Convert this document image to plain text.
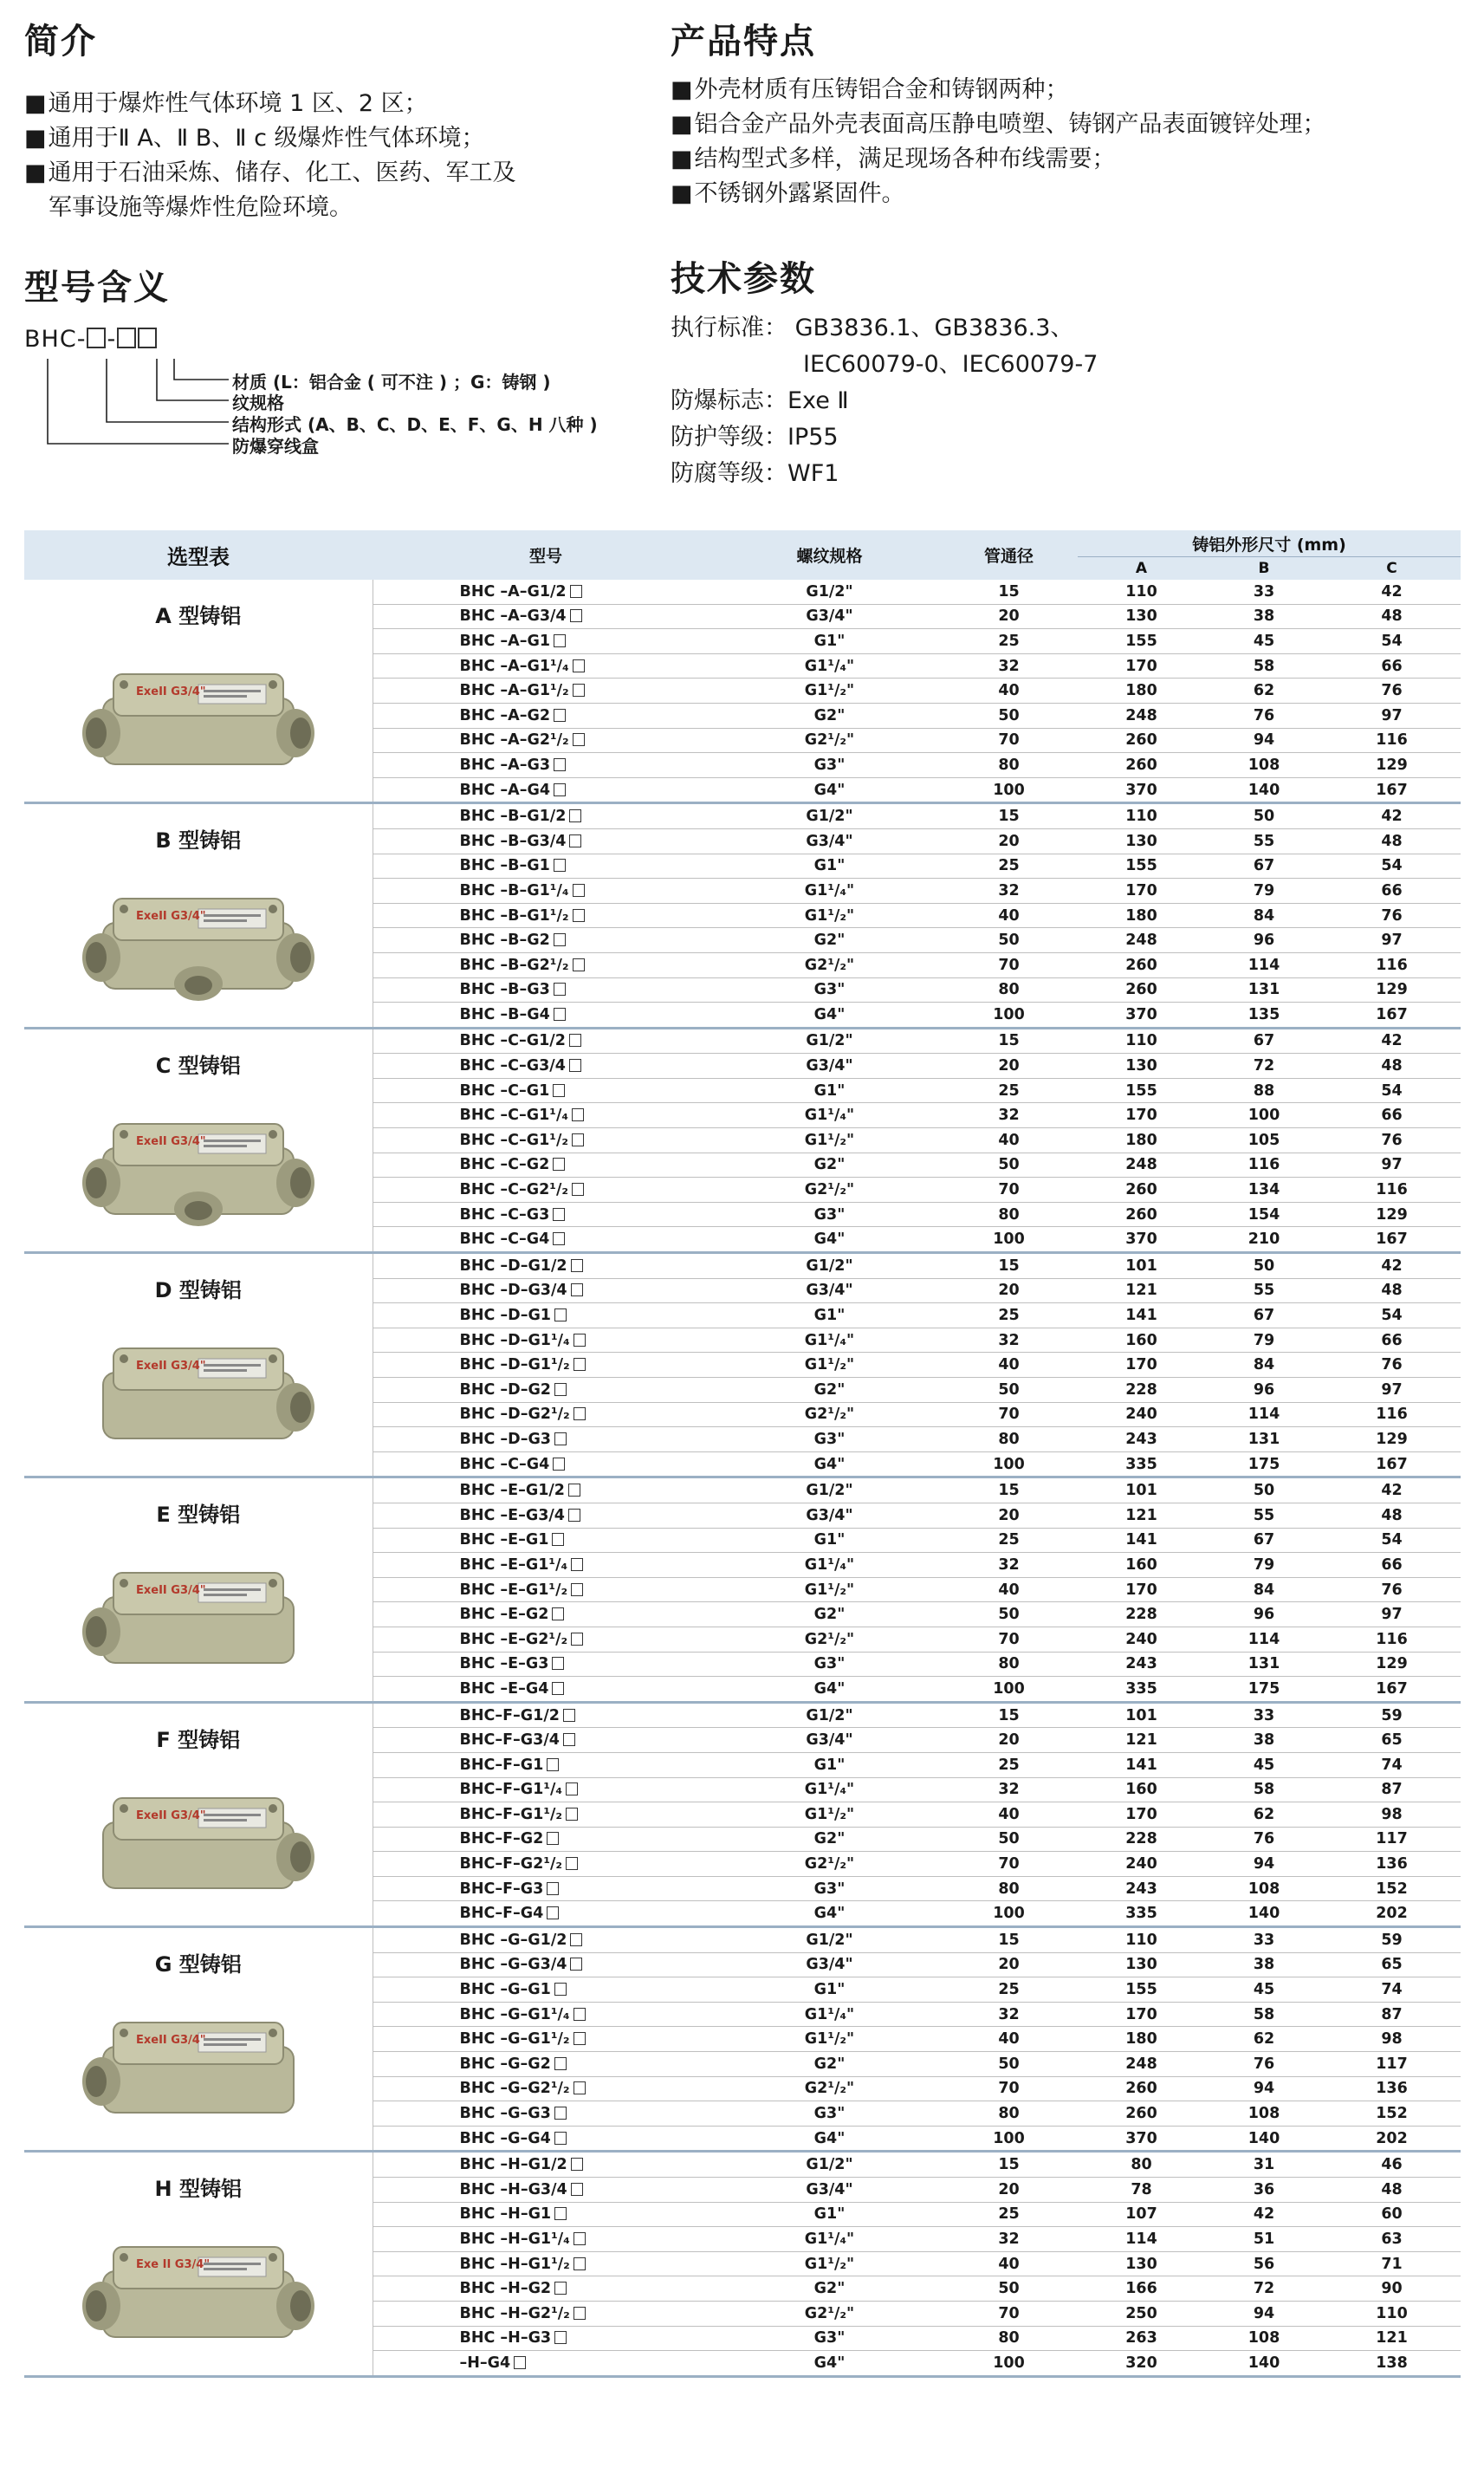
简介
■ 通用于爆炸性气体环境 1 区、2 区；
■ 通用于Ⅱ A、Ⅱ B、Ⅱ c 级爆炸性气体环境；
■ 通用于石油采炼、储存、化工、医药、军工及
军事设施等爆炸性危险环境。
型号含义
BHC- -
材质 (L：铝合金 ( 可不注 ) ；G：铸钢 )
纹规格
结构形式 (A、B、C、D、E、F、G、H 八种 )
防爆穿线盒
产品特点
■ 外壳材质有压铸铝合金和铸钢两种；
■ 铝合金产品外壳表面高压静电喷塑、铸钢产品表面镀锌处理；
■ 结构型式多样，满足现场各种布线需要；
■ 不锈钢外露紧固件。
技术参数
执行标准： GB3836.1、GB3836.3、
IEC60079-0、IEC60079-7
防爆标志：Exe Ⅱ
防护等级：IP55
防腐等级：WF1
选型表	型号	螺纹规格	管通径	铸铝外形尺寸 (mm)		
				A	B	C

A 型铸铝
ExeII G3/4"	BHC –A–G1/2	G1/2"	15	110	33	42
	BHC –A–G3/4	G3/4"	20	130	38	48
	BHC –A–G1	G1"	25	155	45	54
	BHC –A–G1¹/₄	G1¹/₄"	32	170	58	66
	BHC –A–G1¹/₂	G1¹/₂"	40	180	62	76
	BHC –A–G2	G2"	50	248	76	97
	BHC –A–G2¹/₂	G2¹/₂"	70	260	94	116
	BHC –A–G3	G3"	80	260	108	129
	BHC –A–G4	G4"	100	370	140	167

B 型铸铝
ExeII G3/4"	BHC –B–G1/2	G1/2"	15	110	50	42
	BHC –B–G3/4	G3/4"	20	130	55	48
	BHC –B–G1	G1"	25	155	67	54
	BHC –B–G1¹/₄	G1¹/₄"	32	170	79	66
	BHC –B–G1¹/₂	G1¹/₂"	40	180	84	76
	BHC –B–G2	G2"	50	248	96	97
	BHC –B–G2¹/₂	G2¹/₂"	70	260	114	116
	BHC –B–G3	G3"	80	260	131	129
	BHC –B–G4	G4"	100	370	135	167

C 型铸铝
ExeII G3/4"	BHC –C–G1/2	G1/2"	15	110	67	42
	BHC –C–G3/4	G3/4"	20	130	72	48
	BHC –C–G1	G1"	25	155	88	54
	BHC –C–G1¹/₄	G1¹/₄"	32	170	100	66
	BHC –C–G1¹/₂	G1¹/₂"	40	180	105	76
	BHC –C–G2	G2"	50	248	116	97
	BHC –C–G2¹/₂	G2¹/₂"	70	260	134	116
	BHC –C–G3	G3"	80	260	154	129
	BHC –C–G4	G4"	100	370	210	167

D 型铸铝
ExeII G3/4"	BHC –D–G1/2	G1/2"	15	101	50	42
	BHC –D–G3/4	G3/4"	20	121	55	48
	BHC –D–G1	G1"	25	141	67	54
	BHC –D–G1¹/₄	G1¹/₄"	32	160	79	66
	BHC –D–G1¹/₂	G1¹/₂"	40	170	84	76
	BHC –D–G2	G2"	50	228	96	97
	BHC –D–G2¹/₂	G2¹/₂"	70	240	114	116
	BHC –D–G3	G3"	80	243	131	129
	BHC –C–G4	G4"	100	335	175	167

E 型铸铝
ExeII G3/4"	BHC –E–G1/2	G1/2"	15	101	50	42
	BHC –E–G3/4	G3/4"	20	121	55	48
	BHC –E–G1	G1"	25	141	67	54
	BHC –E–G1¹/₄	G1¹/₄"	32	160	79	66
	BHC –E–G1¹/₂	G1¹/₂"	40	170	84	76
	BHC –E–G2	G2"	50	228	96	97
	BHC –E–G2¹/₂	G2¹/₂"	70	240	114	116
	BHC –E–G3	G3"	80	243	131	129
	BHC –E–G4	G4"	100	335	175	167

F 型铸铝
ExeII G3/4"	BHC–F–G1/2	G1/2"	15	101	33	59
	BHC–F–G3/4	G3/4"	20	121	38	65
	BHC–F–G1	G1"	25	141	45	74
	BHC–F–G1¹/₄	G1¹/₄"	32	160	58	87
	BHC–F–G1¹/₂	G1¹/₂"	40	170	62	98
	BHC–F–G2	G2"	50	228	76	117
	BHC–F–G2¹/₂	G2¹/₂"	70	240	94	136
	BHC–F–G3	G3"	80	243	108	152
	BHC–F–G4	G4"	100	335	140	202

G 型铸铝
ExeII G3/4"	BHC –G–G1/2	G1/2"	15	110	33	59
	BHC –G–G3/4	G3/4"	20	130	38	65
	BHC –G–G1	G1"	25	155	45	74
	BHC –G–G1¹/₄	G1¹/₄"	32	170	58	87
	BHC –G–G1¹/₂	G1¹/₂"	40	180	62	98
	BHC –G–G2	G2"	50	248	76	117
	BHC –G–G2¹/₂	G2¹/₂"	70	260	94	136
	BHC –G–G3	G3"	80	260	108	152
	BHC –G–G4	G4"	100	370	140	202

H 型铸铝
Exe II G3/4"	BHC –H–G1/2	G1/2"	15	80	31	46
	BHC –H–G3/4	G3/4"	20	78	36	48
	BHC –H–G1	G1"	25	107	42	60
	BHC –H–G1¹/₄	G1¹/₄"	32	114	51	63
	BHC –H–G1¹/₂	G1¹/₂"	40	130	56	71
	BHC –H–G2	G2"	50	166	72	90
	BHC –H–G2¹/₂	G2¹/₂"	70	250	94	110
	BHC –H–G3	G3"	80	263	108	121
	–H–G4	G4"	100	320	140	138
